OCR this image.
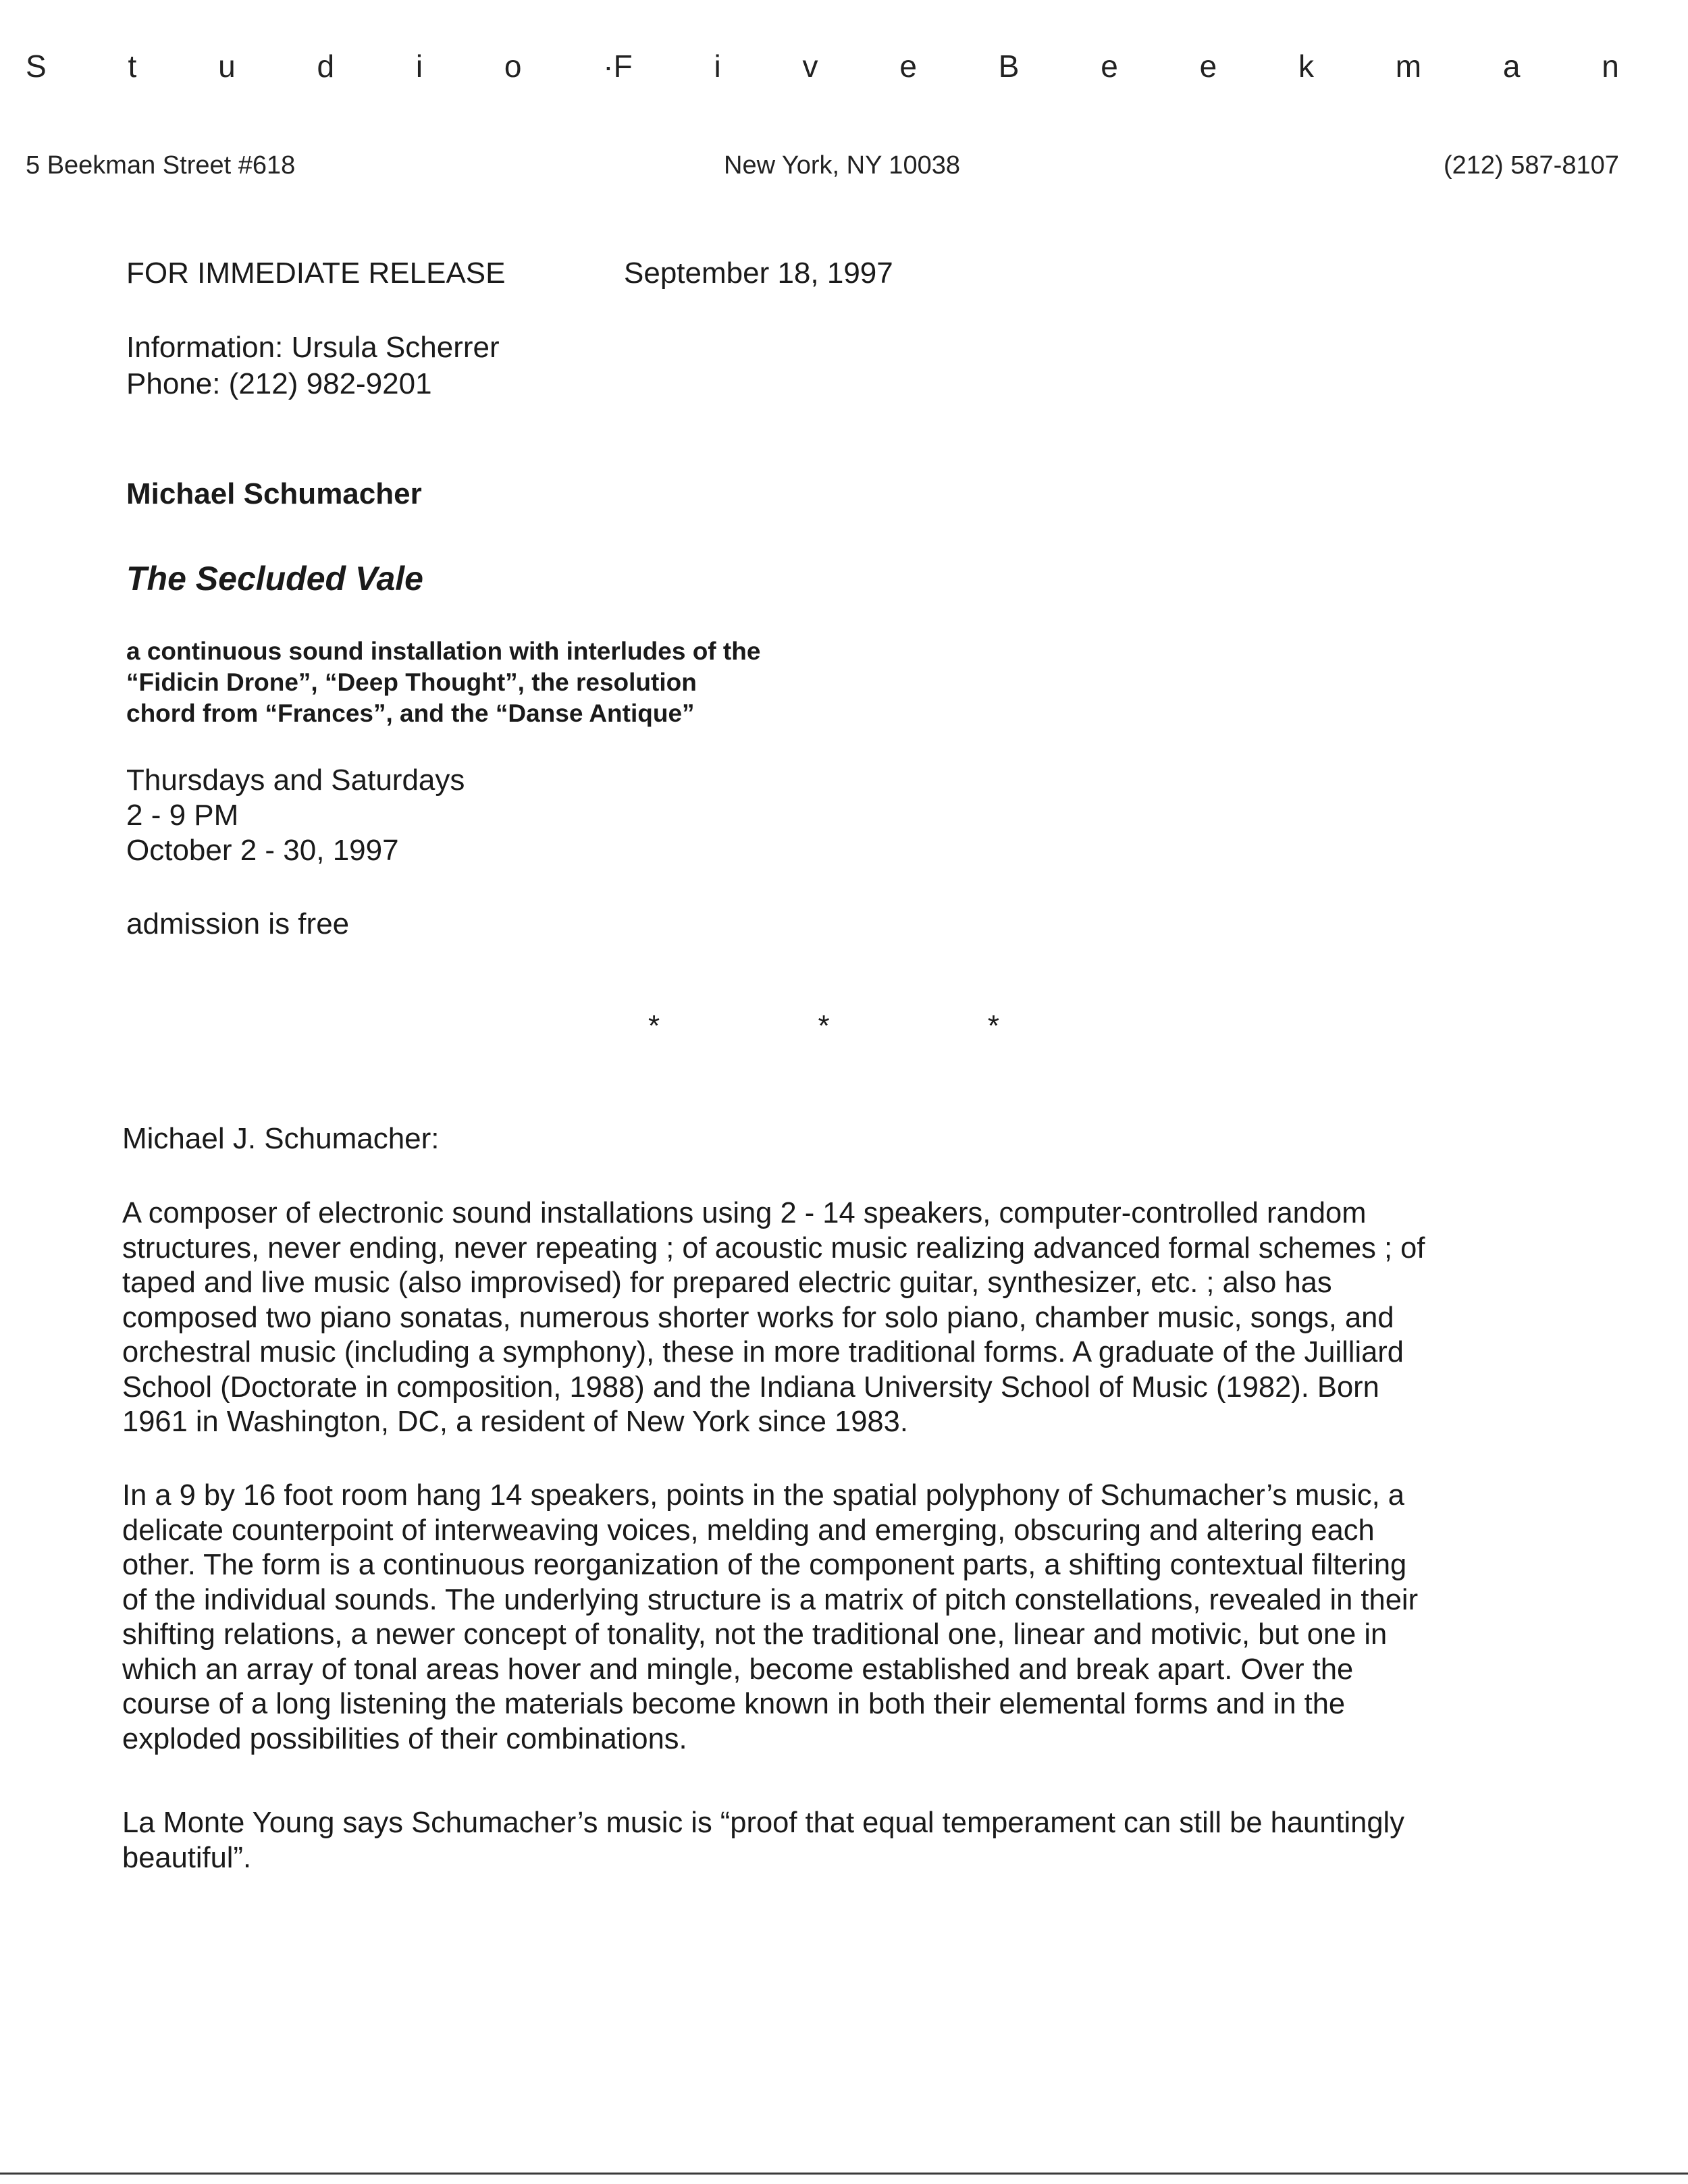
S	t	u	d	i	o	·F	i	v	e	B	e	e	k	m	a	n
5 Beekman Street #618	New York, NY 10038	(212) 587-8107
FOR IMMEDIATE RELEASE	September 18, 1997
Information: Ursula Scherrer
Phone: (212) 982-9201
Michael Schumacher
The Secluded Vale
a continuous sound installation with interludes of the
“Fidicin Drone”, “Deep Thought”, the resolution
chord from “Frances”, and the “Danse Antique”
Thursdays and Saturdays
2 - 9 PM
October 2 - 30, 1997
admission is free
*	*	*
Michael J. Schumacher:
A composer of electronic sound installations using 2 - 14 speakers, computer-controlled random
structures, never ending, never repeating ; of acoustic music realizing advanced formal schemes ; of
taped and live music (also improvised) for prepared electric guitar, synthesizer, etc. ; also has
composed two piano sonatas, numerous shorter works for solo piano, chamber music, songs, and
orchestral music (including a symphony), these in more traditional forms. A graduate of the Juilliard
School (Doctorate in composition, 1988) and the Indiana University School of Music (1982). Born
1961 in Washington, DC, a resident of New York since 1983.
In a 9 by 16 foot room hang 14 speakers, points in the spatial polyphony of Schumacher’s music, a
delicate counterpoint of interweaving voices, melding and emerging, obscuring and altering each
other. The form is a continuous reorganization of the component parts, a shifting contextual filtering
of the individual sounds. The underlying structure is a matrix of pitch constellations, revealed in their
shifting relations, a newer concept of tonality, not the traditional one, linear and motivic, but one in
which an array of tonal areas hover and mingle, become established and break apart. Over the
course of a long listening the materials become known in both their elemental forms and in the
exploded possibilities of their combinations.
La Monte Young says Schumacher’s music is “proof that equal temperament can still be hauntingly
beautiful”.
